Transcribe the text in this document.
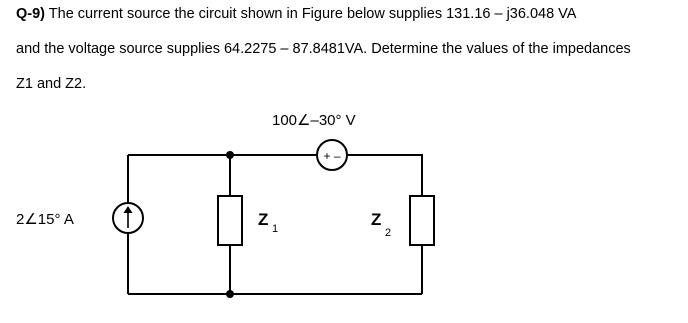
Q-9) The current source the circuit shown in Figure below supplies 131.16 – j36.048 VA
and the voltage source supplies 64.2275 – 87.8481VA. Determine the values of the impedances
Z1 and Z2.
+ –
100∠–30° V
2∠15° A	Z 1	Z
2
